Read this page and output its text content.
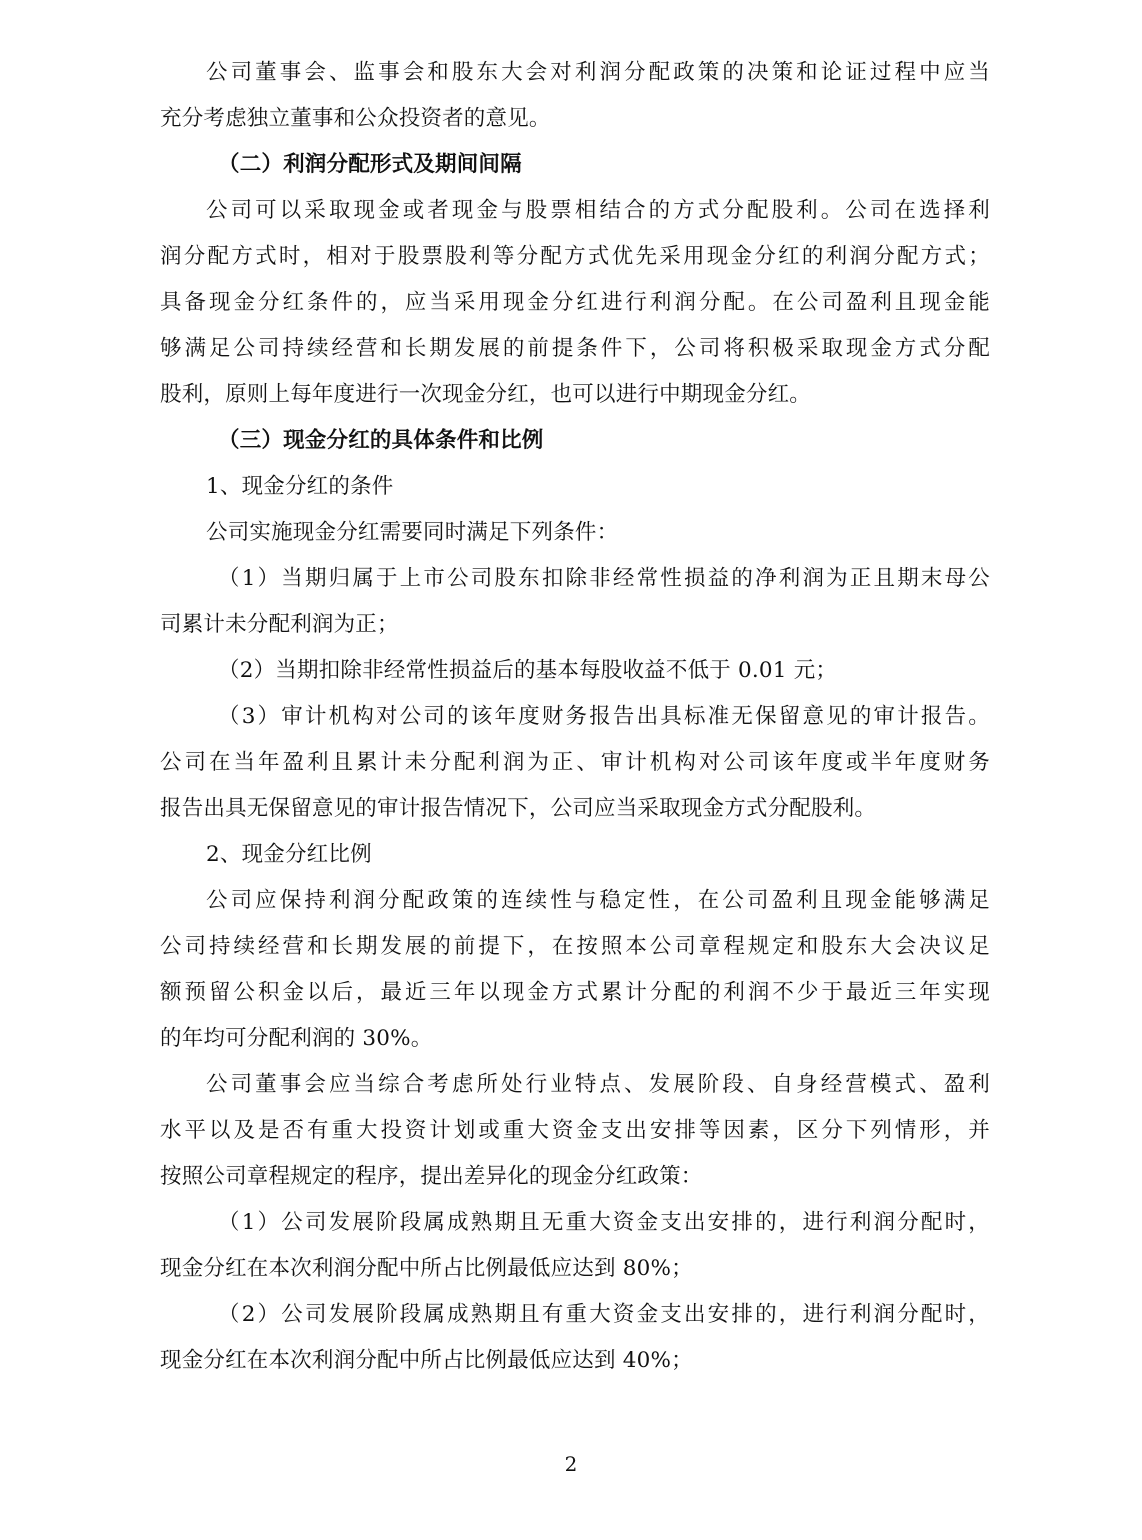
公司董事会、监事会和股东大会对利润分配政策的决策和论证过程中应当
充分考虑独立董事和公众投资者的意见。
（二）利润分配形式及期间间隔
公司可以采取现金或者现金与股票相结合的方式分配股利。公司在选择利
润分配方式时，相对于股票股利等分配方式优先采用现金分红的利润分配方式；
具备现金分红条件的，应当采用现金分红进行利润分配。在公司盈利且现金能
够满足公司持续经营和长期发展的前提条件下，公司将积极采取现金方式分配
股利，原则上每年度进行一次现金分红，也可以进行中期现金分红。
（三）现金分红的具体条件和比例
1、现金分红的条件
公司实施现金分红需要同时满足下列条件：
（1）当期归属于上市公司股东扣除非经常性损益的净利润为正且期末母公
司累计未分配利润为正；
（2）当期扣除非经常性损益后的基本每股收益不低于 0.01 元；
（3）审计机构对公司的该年度财务报告出具标准无保留意见的审计报告。
公司在当年盈利且累计未分配利润为正、审计机构对公司该年度或半年度财务
报告出具无保留意见的审计报告情况下，公司应当采取现金方式分配股利。
2、现金分红比例
公司应保持利润分配政策的连续性与稳定性，在公司盈利且现金能够满足
公司持续经营和长期发展的前提下，在按照本公司章程规定和股东大会决议足
额预留公积金以后，最近三年以现金方式累计分配的利润不少于最近三年实现
的年均可分配利润的 30%。
公司董事会应当综合考虑所处行业特点、发展阶段、自身经营模式、盈利
水平以及是否有重大投资计划或重大资金支出安排等因素，区分下列情形，并
按照公司章程规定的程序，提出差异化的现金分红政策：
（1）公司发展阶段属成熟期且无重大资金支出安排的，进行利润分配时，
现金分红在本次利润分配中所占比例最低应达到 80%；
（2）公司发展阶段属成熟期且有重大资金支出安排的，进行利润分配时，
现金分红在本次利润分配中所占比例最低应达到 40%；
2
